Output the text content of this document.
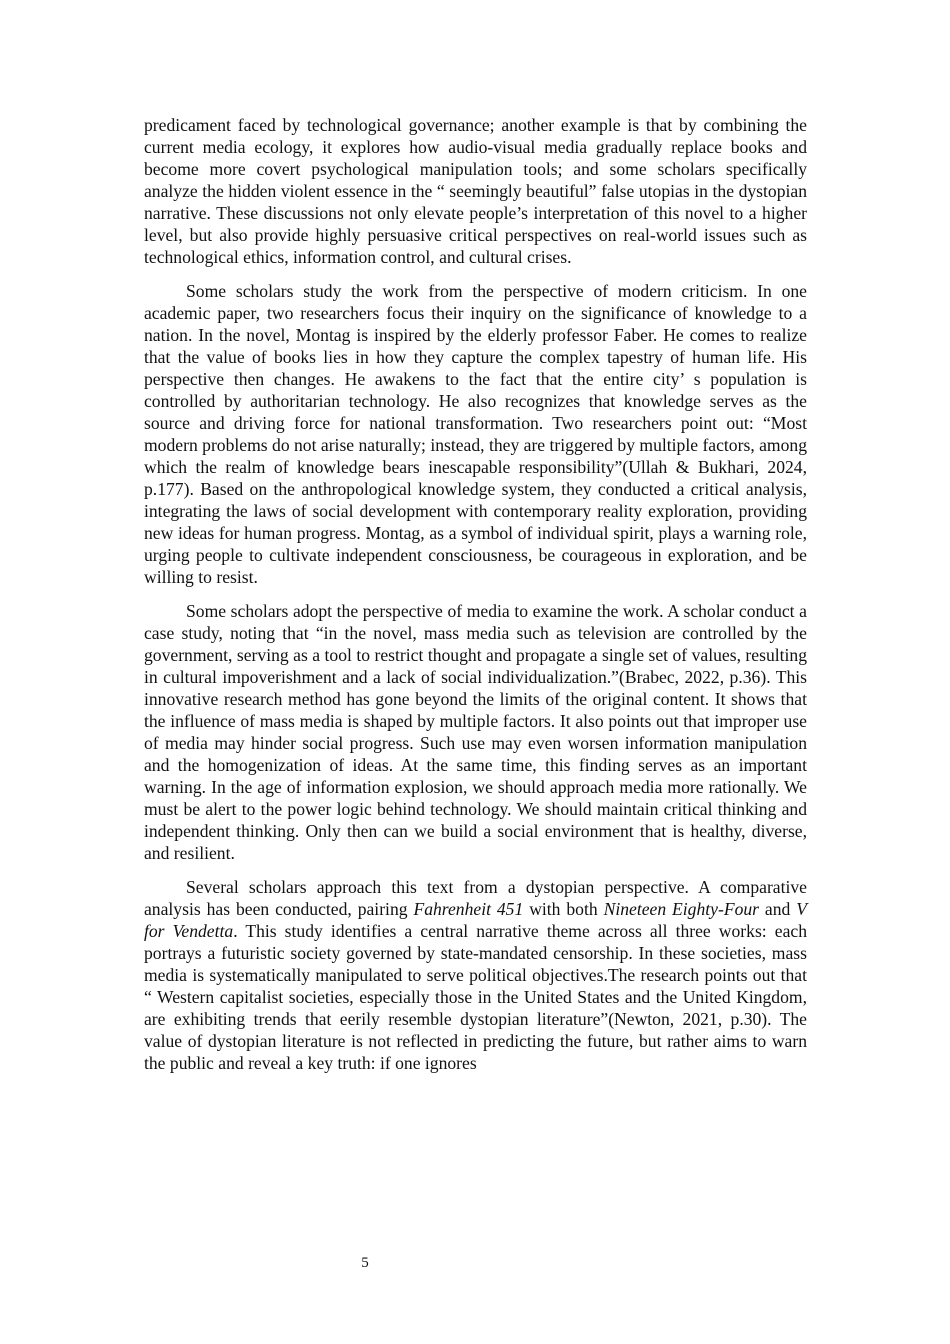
predicament faced by technological governance; another example is that by combining the current media ecology, it explores how audio-visual media gradually replace books and become more covert psychological manipulation tools; and some scholars specifically analyze the hidden violent essence in the “ seemingly beautiful” false utopias in the dystopian narrative. These discussions not only elevate people’s interpretation of this novel to a higher level, but also provide highly persuasive critical perspectives on real-world issues such as technological ethics, information control, and cultural crises.

Some scholars study the work from the perspective of modern criticism. In one academic paper, two researchers focus their inquiry on the significance of knowledge to a nation. In the novel, Montag is inspired by the elderly professor Faber. He comes to realize that the value of books lies in how they capture the complex tapestry of human life. His perspective then changes. He awakens to the fact that the entire city’ s population is controlled by authoritarian technology. He also recognizes that knowledge serves as the source and driving force for national transformation. Two researchers point out: “Most modern problems do not arise naturally; instead, they are triggered by multiple factors, among which the realm of knowledge bears inescapable responsibility”(Ullah & Bukhari, 2024, p.177). Based on the anthropological knowledge system, they conducted a critical analysis, integrating the laws of social development with contemporary reality exploration, providing new ideas for human progress. Montag, as a symbol of individual spirit, plays a warning role, urging people to cultivate independent consciousness, be courageous in exploration, and be willing to resist.

Some scholars adopt the perspective of media to examine the work. A scholar conduct a case study, noting that “in the novel, mass media such as television are controlled by the government, serving as a tool to restrict thought and propagate a single set of values, resulting in cultural impoverishment and a lack of social individualization.”(Brabec, 2022, p.36). This innovative research method has gone beyond the limits of the original content. It shows that the influence of mass media is shaped by multiple factors. It also points out that improper use of media may hinder social progress. Such use may even worsen information manipulation and the homogenization of ideas. At the same time, this finding serves as an important warning. In the age of information explosion, we should approach media more rationally. We must be alert to the power logic behind technology. We should maintain critical thinking and independent thinking. Only then can we build a social environment that is healthy, diverse, and resilient.

Several scholars approach this text from a dystopian perspective. A comparative analysis has been conducted, pairing Fahrenheit 451 with both Nineteen Eighty-Four and V for Vendetta. This study identifies a central narrative theme across all three works: each portrays a futuristic society governed by state-mandated censorship. In these societies, mass media is systematically manipulated to serve political objectives.The research points out that “ Western capitalist societies, especially those in the United States and the United Kingdom, are exhibiting trends that eerily resemble dystopian literature”(Newton, 2021, p.30). The value of dystopian literature is not reflected in predicting the future, but rather aims to warn the public and reveal a key truth: if one ignores

5
